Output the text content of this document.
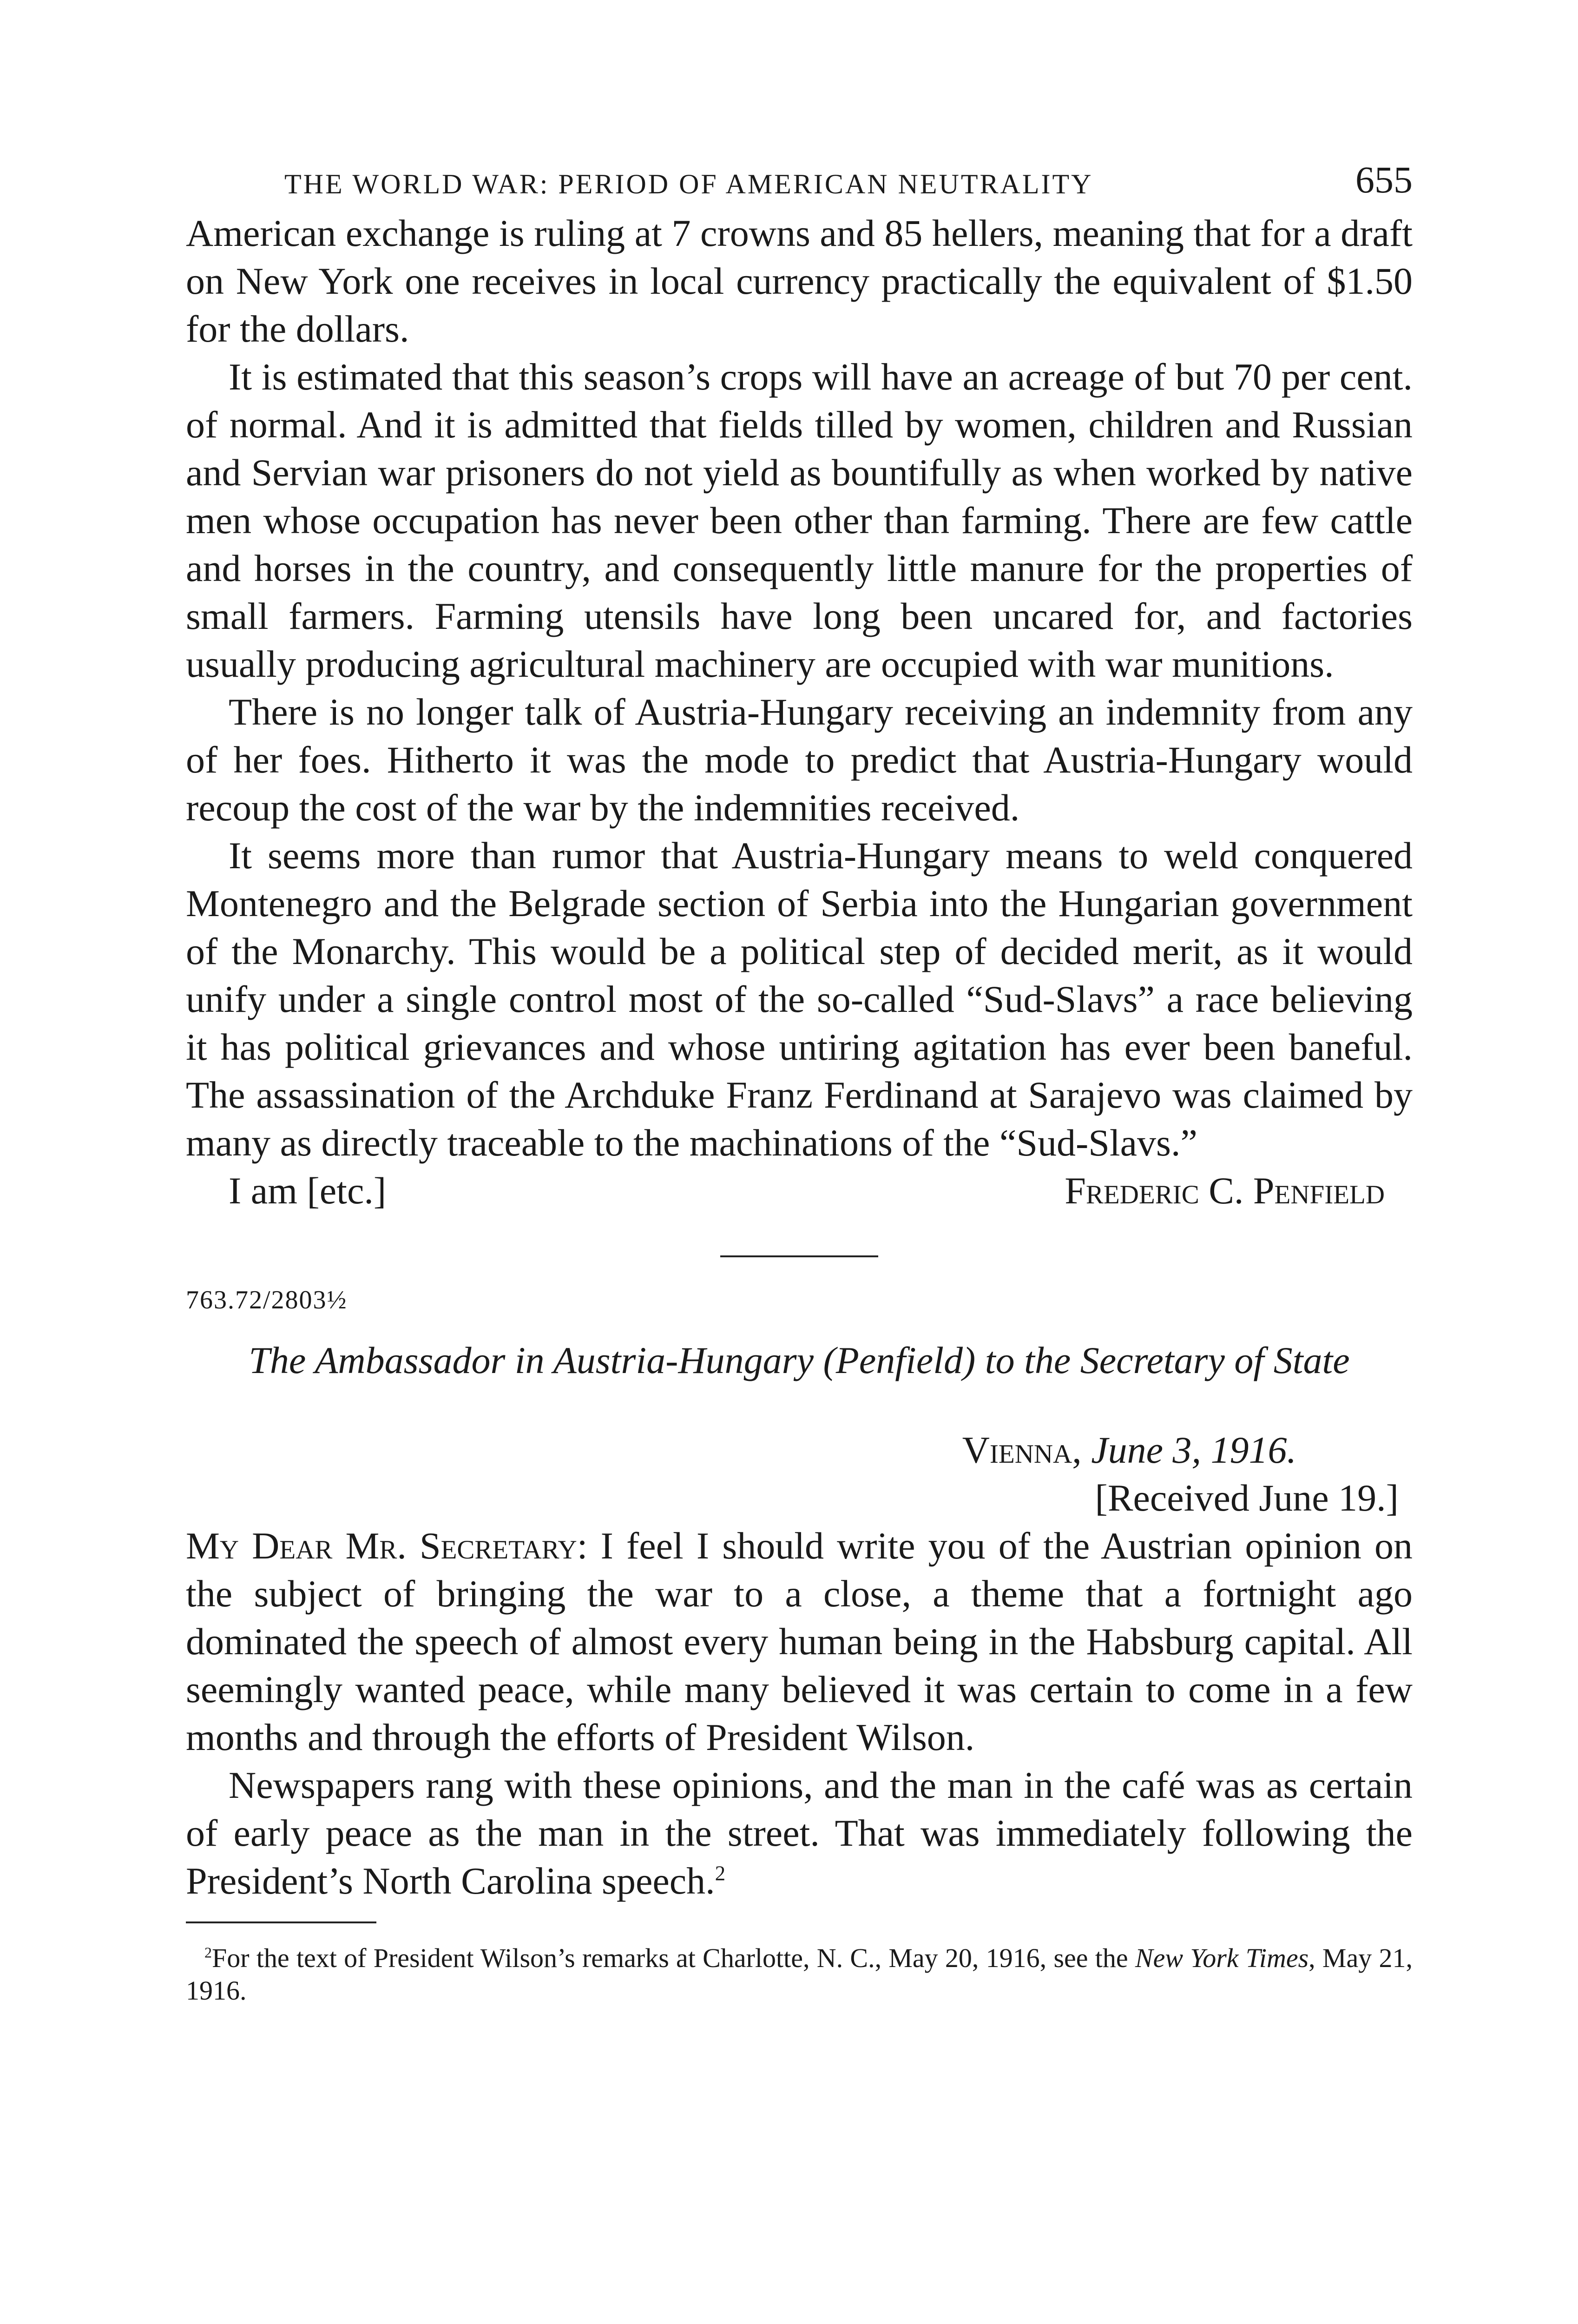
THE WORLD WAR: PERIOD OF AMERICAN NEUTRALITY	655

American exchange is ruling at 7 crowns and 85 hellers, meaning that for a draft on New York one receives in local currency practically the equivalent of $1.50 for the dollars.

It is estimated that this season’s crops will have an acreage of but 70 per cent. of normal. And it is admitted that fields tilled by women, children and Russian and Servian war prisoners do not yield as bountifully as when worked by native men whose occupation has never been other than farming. There are few cattle and horses in the country, and consequently little manure for the properties of small farmers. Farming utensils have long been uncared for, and factories usually producing agricultural machinery are occupied with war munitions.

There is no longer talk of Austria-Hungary receiving an indemnity from any of her foes. Hitherto it was the mode to predict that Austria-Hungary would recoup the cost of the war by the indemnities received.

It seems more than rumor that Austria-Hungary means to weld conquered Montenegro and the Belgrade section of Serbia into the Hungarian government of the Monarchy. This would be a political step of decided merit, as it would unify under a single control most of the so-called “Sud-Slavs” a race believing it has political grievances and whose untiring agitation has ever been baneful. The assassination of the Archduke Franz Ferdinand at Sarajevo was claimed by many as directly traceable to the machinations of the “Sud-Slavs.”

I am [etc.]	Frederic C. Penfield
763.72/2803½
The Ambassador in Austria-Hungary (Penfield) to the Secretary of State
Vienna, June 3, 1916.
[Received June 19.]

My Dear Mr. Secretary: I feel I should write you of the Austrian opinion on the subject of bringing the war to a close, a theme that a fortnight ago dominated the speech of almost every human being in the Habsburg capital. All seemingly wanted peace, while many believed it was certain to come in a few months and through the efforts of President Wilson.

Newspapers rang with these opinions, and the man in the café was as certain of early peace as the man in the street. That was immediately following the President’s North Carolina speech.$^2$

$^2$For the text of President Wilson’s remarks at Charlotte, N. C., May 20, 1916, see the New York Times, May 21, 1916.
